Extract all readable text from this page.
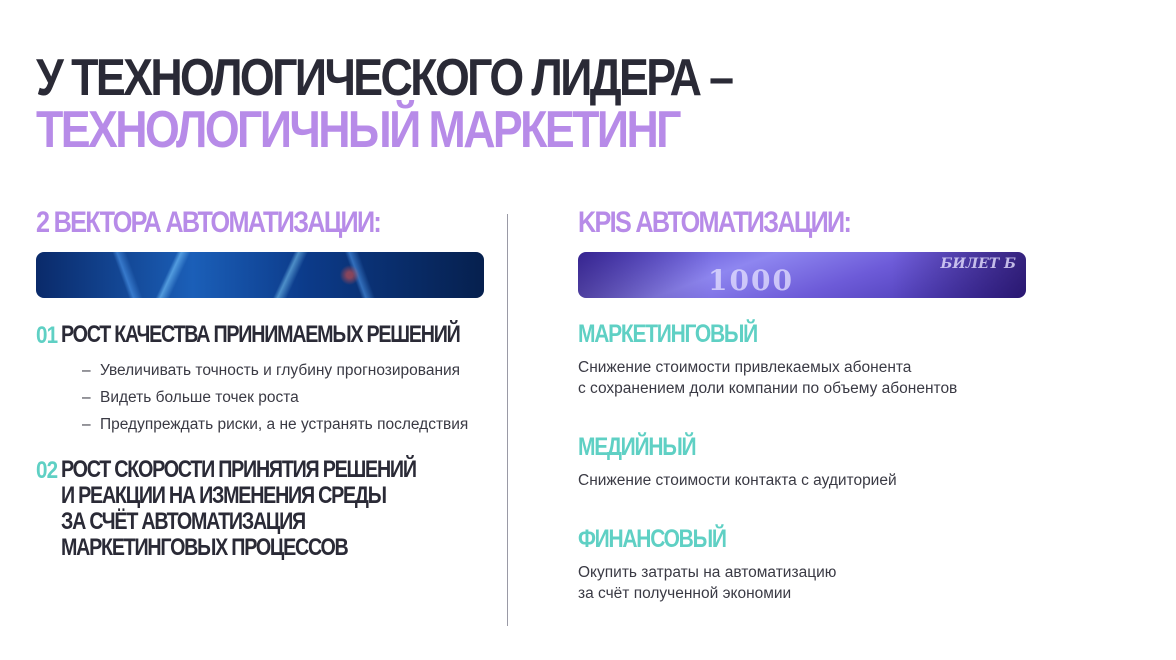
У ТЕХНОЛОГИЧЕСКОГО ЛИДЕРА –
ТЕХНОЛОГИЧНЫЙ МАРКЕТИНГ
2 ВЕКТОРА АВТОМАТИЗАЦИИ:
01 РОСТ КАЧЕСТВА ПРИНИМАЕМЫХ РЕШЕНИЙ
– Увеличивать точность и глубину прогнозирования
– Видеть больше точек роста
– Предупреждать риски, а не устранять последствия
02 РОСТ СКОРОСТИ ПРИНЯТИЯ РЕШЕНИЙ
И РЕАКЦИИ НА ИЗМЕНЕНИЯ СРЕДЫ
ЗА СЧЁТ АВТОМАТИЗАЦИЯ
МАРКЕТИНГОВЫХ ПРОЦЕССОВ
KPIS АВТОМАТИЗАЦИИ:
1000	БИЛЕТ Б
МАРКЕТИНГОВЫЙ
Снижение стоимости привлекаемых абонента
с сохранением доли компании по объему абонентов
МЕДИЙНЫЙ
Снижение стоимости контакта с аудиторией
ФИНАНСОВЫЙ
Окупить затраты на автоматизацию
за счёт полученной экономии
